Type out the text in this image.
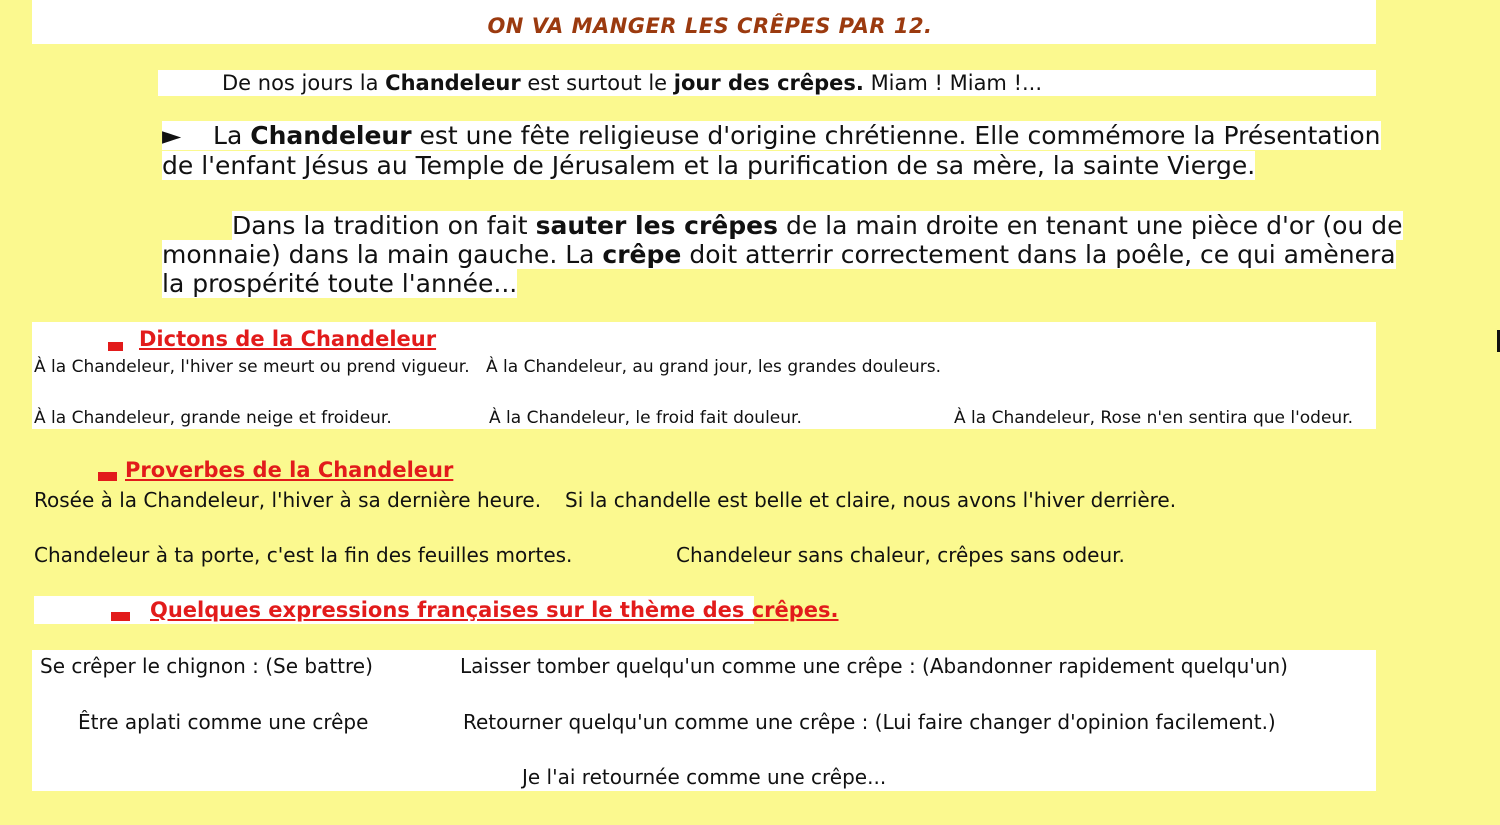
ON VA MANGER LES CRÊPES PAR 12.
De nos jours la Chandeleur est surtout le jour des crêpes. Miam ! Miam !...
► La Chandeleur est une fête religieuse d'origine chrétienne. Elle commémore la Présentation
de l'enfant Jésus au Temple de Jérusalem et la purification de sa mère, la sainte Vierge.
Dans la tradition on fait sauter les crêpes de la main droite en tenant une pièce d'or (ou de
monnaie) dans la main gauche. La crêpe doit atterrir correctement dans la poêle, ce qui amènera
la prospérité toute l'année...
Dictons de la Chandeleur
À la Chandeleur, l'hiver se meurt ou prend vigueur. À la Chandeleur, au grand jour, les grandes douleurs.
À la Chandeleur, grande neige et froideur.	À la Chandeleur, le froid fait douleur.	À la Chandeleur, Rose n'en sentira que l'odeur.
Proverbes de la Chandeleur
Rosée à la Chandeleur, l'hiver à sa dernière heure. Si la chandelle est belle et claire, nous avons l'hiver derrière.
Chandeleur à ta porte, c'est la fin des feuilles mortes.	Chandeleur sans chaleur, crêpes sans odeur.
Quelques expressions françaises sur le thème des crêpes.
Se crêper le chignon : (Se battre)	Laisser tomber quelqu'un comme une crêpe : (Abandonner rapidement quelqu'un)
Être aplati comme une crêpe	Retourner quelqu'un comme une crêpe : (Lui faire changer d'opinion facilement.)
Je l'ai retournée comme une crêpe...
